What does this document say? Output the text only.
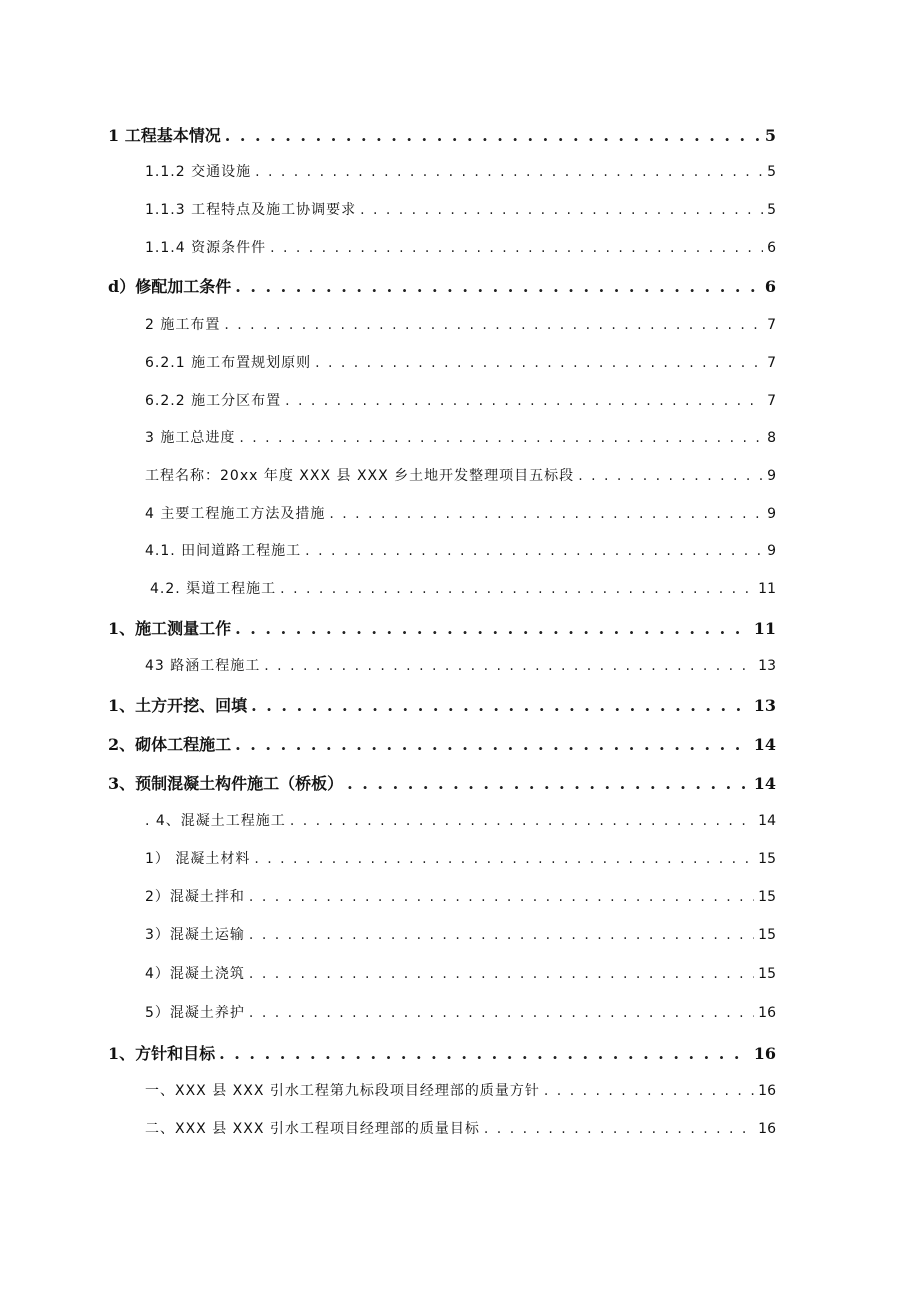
1 工程基本情况 . . .	5
1.1.2 交通设施 . . .	5
1.1.3 工程特点及施工协调要求 . . .	5
1.1.4 资源条件件 . . .	6
d）修配加工条件 . . .	6
2 施工布置 . . .	7
6.2.1 施工布置规划原则 . . .	7
6.2.2 施工分区布置 . . .	7
3 施工总进度 . . .	8
工程名称：20xx 年度 XXX 县 XXX 乡土地开发整理项目五标段 . . .	9
4 主要工程施工方法及措施 . . .	9
4.1. 田间道路工程施工 . . .	9
4.2. 渠道工程施工 . . .	11
1、施工测量工作 . . .	11
43 路涵工程施工 . . .	13
1、土方开挖、回填 . . .	13
2、砌体工程施工 . . .	14
3、预制混凝土构件施工（桥板） . . .	14
. 4、混凝土工程施工 . . .	14
1） 混凝土材料 . . .	15
2）混凝土拌和 . . .	15
3）混凝土运输 . . .	15
4）混凝土浇筑 . . .	15
5）混凝土养护 . . .	16
1、方针和目标 . . .	16
一、XXX 县 XXX 引水工程第九标段项目经理部的质量方针 . . .	16
二、XXX 县 XXX 引水工程项目经理部的质量目标 . . .	16
